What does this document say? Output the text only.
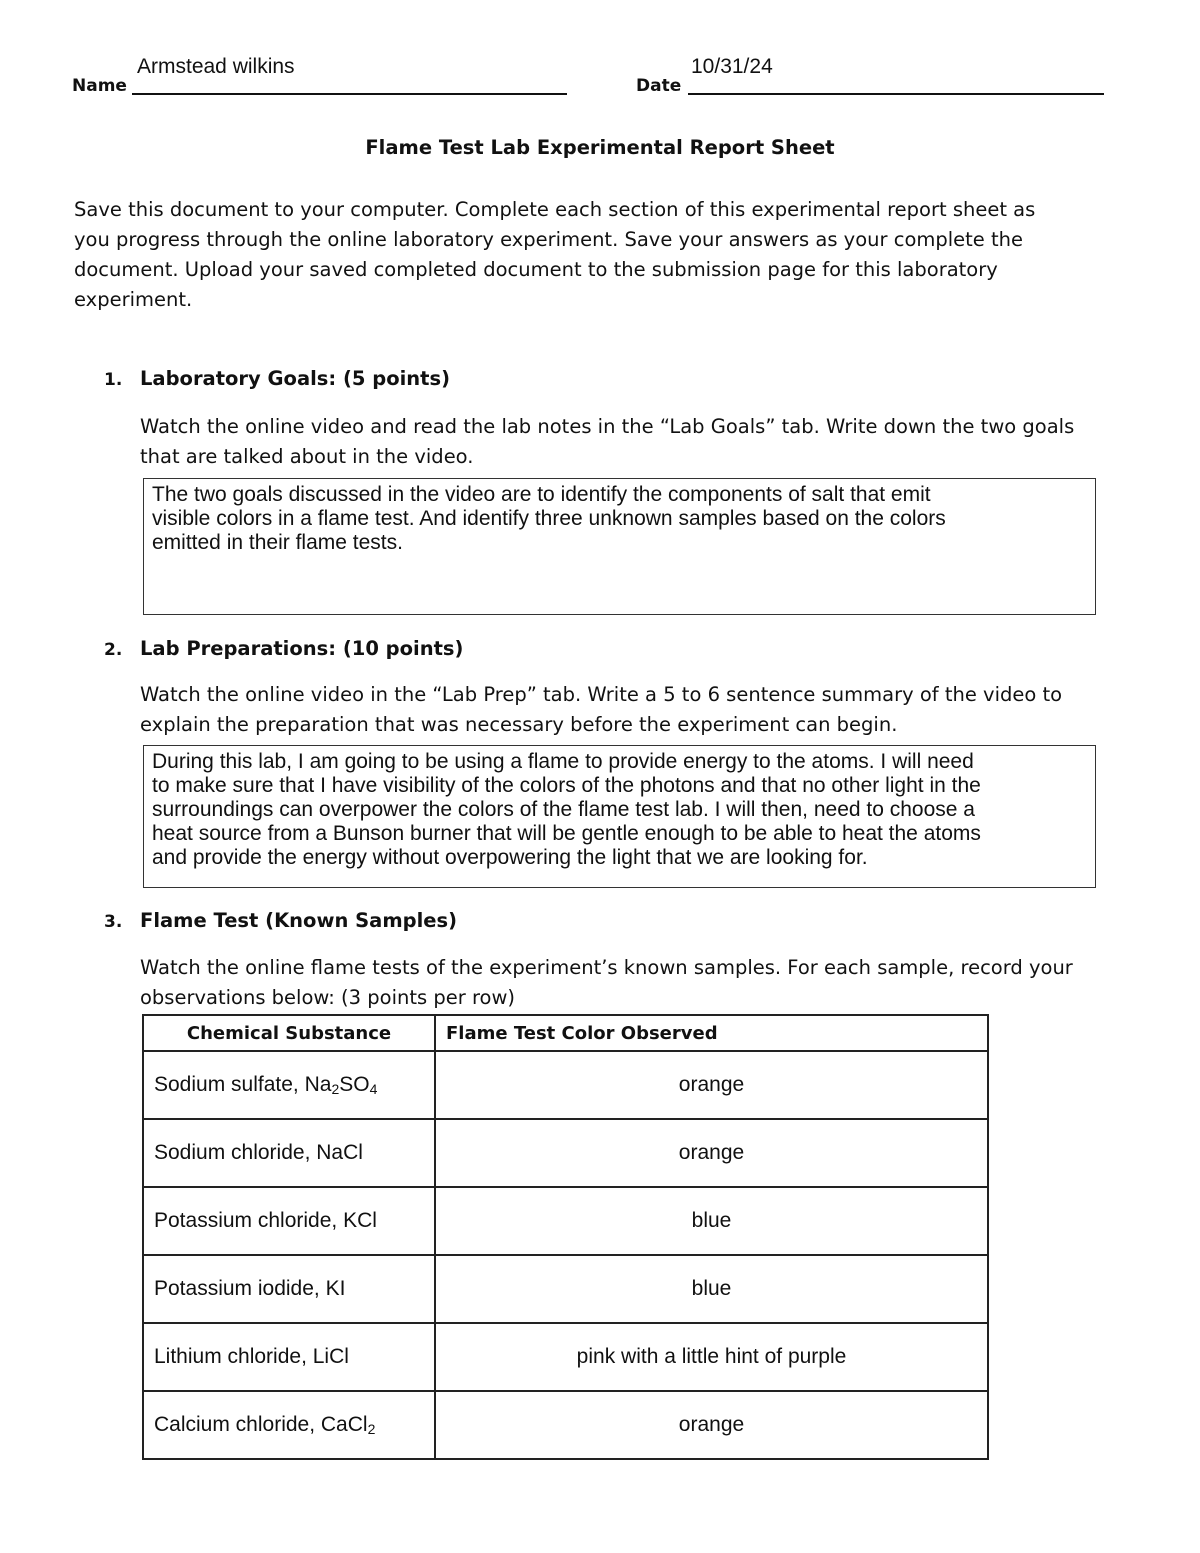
Name
Armstead wilkins
Date
10/31/24
Flame Test Lab Experimental Report Sheet
Save this document to your computer. Complete each section of this experimental report sheet as
you progress through the online laboratory experiment. Save your answers as your complete the
document. Upload your saved completed document to the submission page for this laboratory
experiment.
1. Laboratory Goals: (5 points)
Watch the online video and read the lab notes in the “Lab Goals” tab. Write down the two goals
that are talked about in the video.
The two goals discussed in the video are to identify the components of salt that emit
visible colors in a flame test. And identify three unknown samples based on the colors
emitted in their flame tests.
2. Lab Preparations: (10 points)
Watch the online video in the “Lab Prep” tab. Write a 5 to 6 sentence summary of the video to
explain the preparation that was necessary before the experiment can begin.
During this lab, I am going to be using a flame to provide energy to the atoms. I will need
to make sure that I have visibility of the colors of the photons and that no other light in the
surroundings can overpower the colors of the flame test lab. I will then, need to choose a
heat source from a Bunson burner that will be gentle enough to be able to heat the atoms
and provide the energy without overpowering the light that we are looking for.
3. Flame Test (Known Samples)
Watch the online flame tests of the experiment’s known samples. For each sample, record your
observations below: (3 points per row)
Chemical Substance	Flame Test Color Observed
Sodium sulfate, $Na_2SO_4$	orange
Sodium chloride, NaCl	orange
Potassium chloride, KCl	blue
Potassium iodide, KI	blue
Lithium chloride, LiCl	pink with a little hint of purple
Calcium chloride, CaCl$_2$	orange
